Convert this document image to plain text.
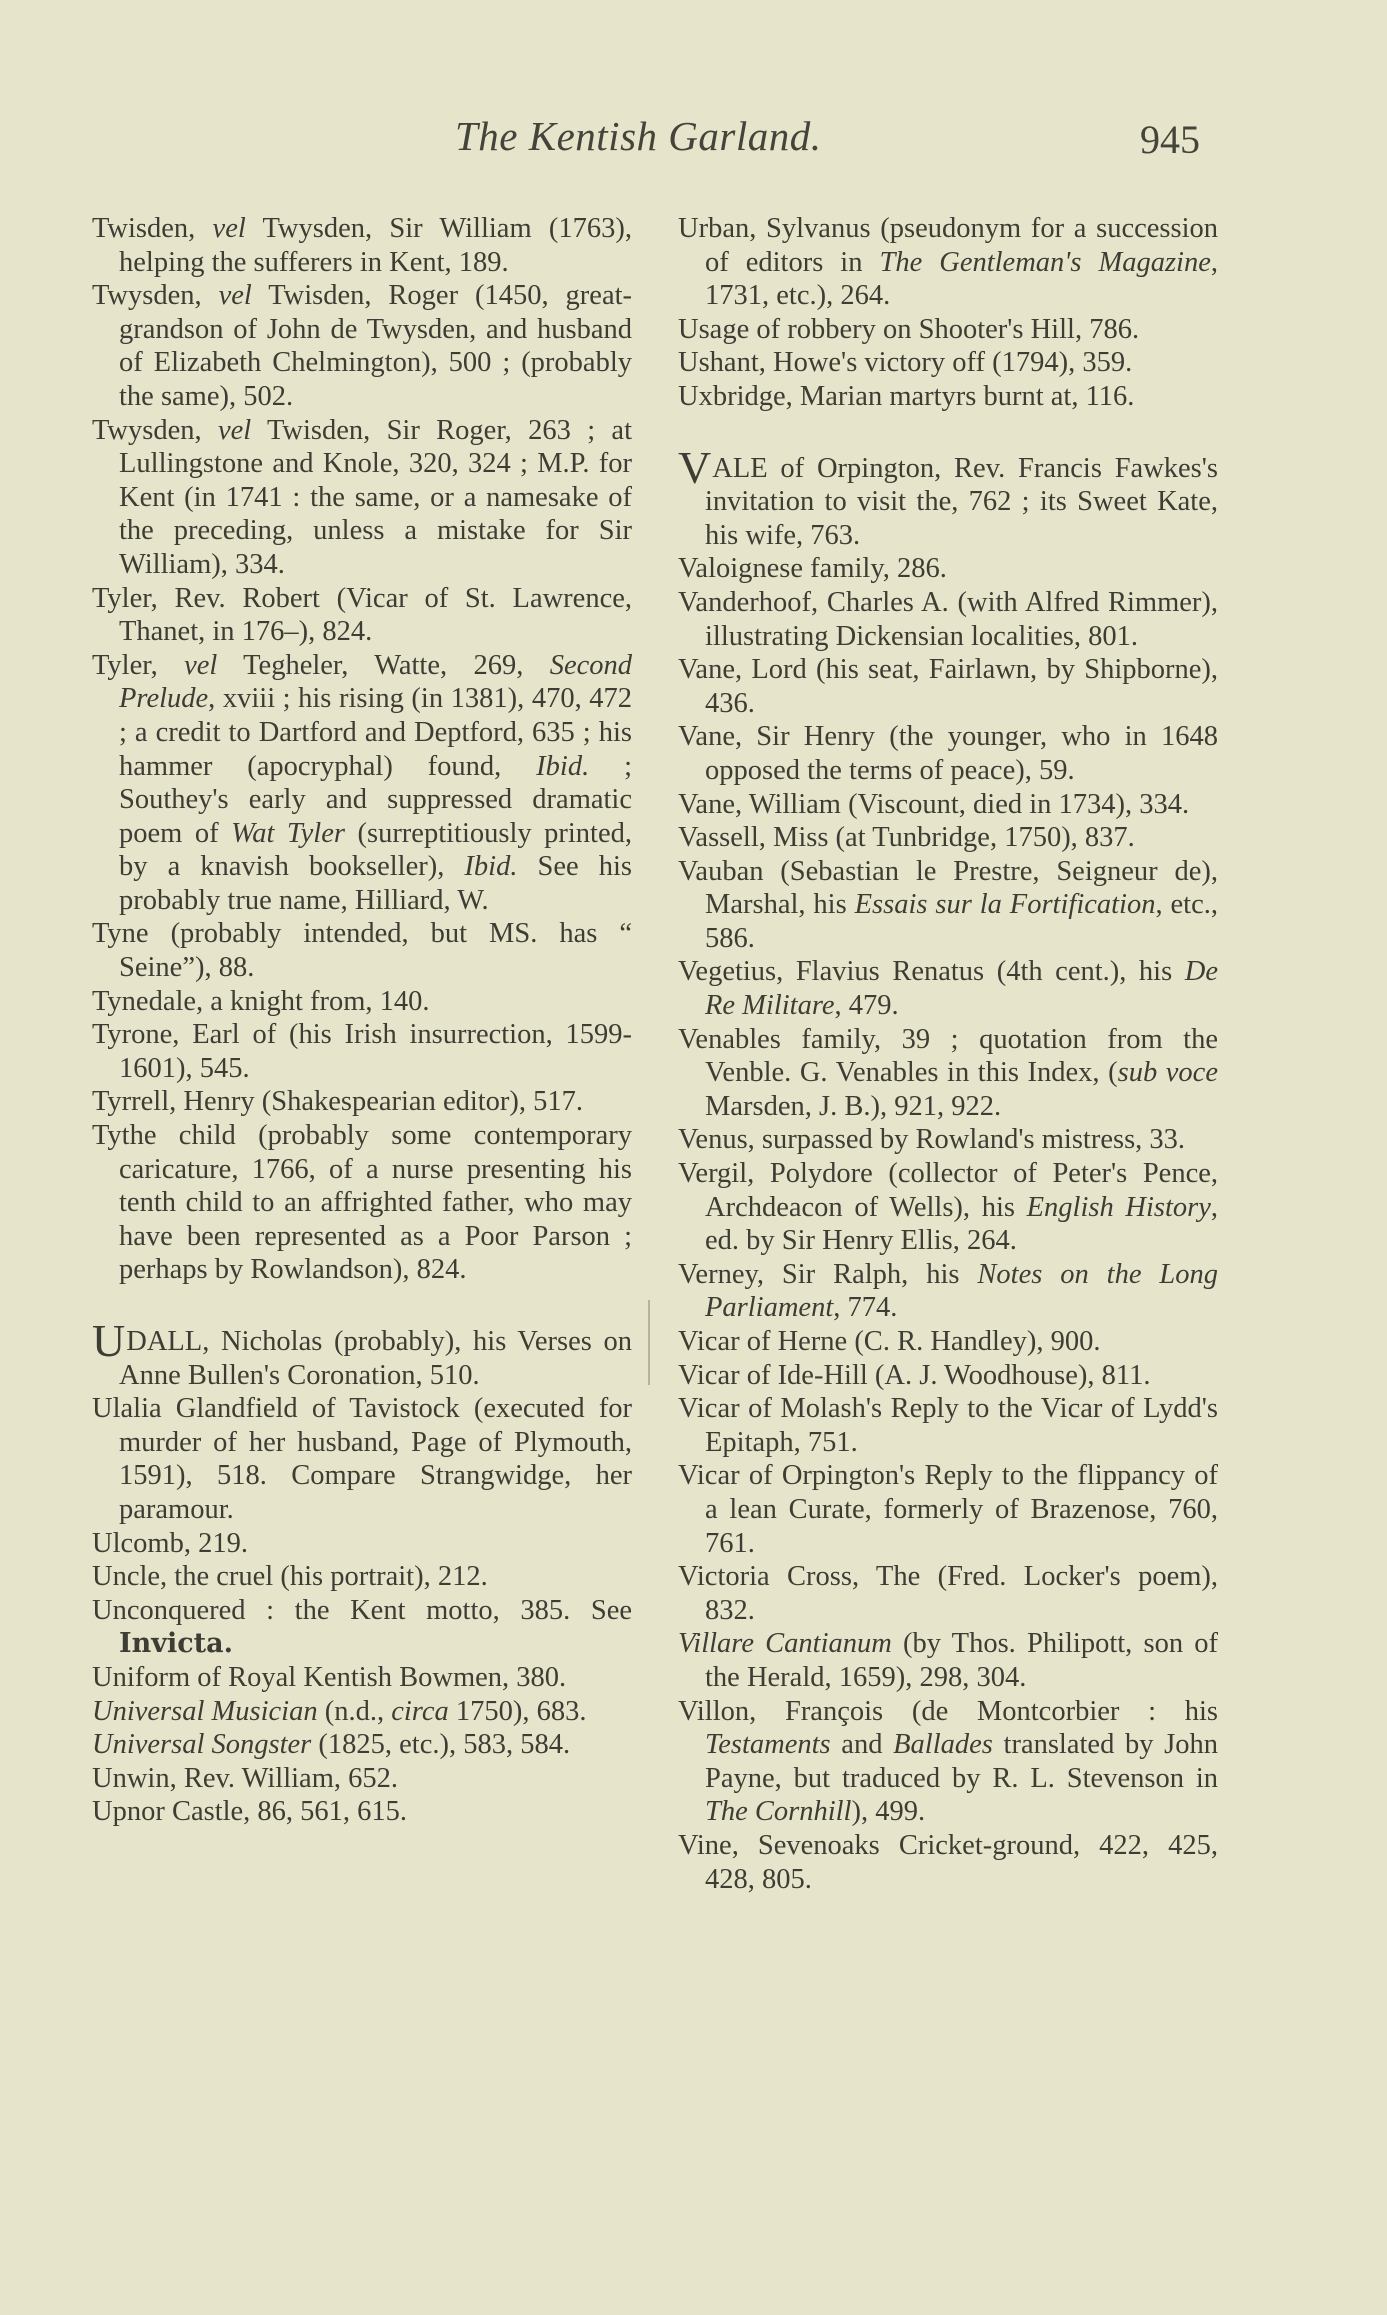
The Kentish Garland.	945

Twisden, vel Twysden, Sir William (1763), helping the sufferers in Kent, 189.

Twysden, vel Twisden, Roger (1450, great-grandson of John de Twysden, and husband of Elizabeth Chelmington), 500 ; (probably the same), 502.

Twysden, vel Twisden, Sir Roger, 263 ; at Lullingstone and Knole, 320, 324 ; M.P. for Kent (in 1741 : the same, or a namesake of the preceding, unless a mistake for Sir William), 334.

Tyler, Rev. Robert (Vicar of St. Lawrence, Thanet, in 176–), 824.

Tyler, vel Tegheler, Watte, 269, Second Prelude, xviii ; his rising (in 1381), 470, 472 ; a credit to Dartford and Deptford, 635 ; his hammer (apocryphal) found, Ibid. ; Southey's early and suppressed dramatic poem of Wat Tyler (surreptitiously printed, by a knavish bookseller), Ibid. See his probably true name, Hilliard, W.

Tyne (probably intended, but MS. has “ Seine”), 88.

Tynedale, a knight from, 140.

Tyrone, Earl of (his Irish insurrection, 1599-1601), 545.

Tyrrell, Henry (Shakespearian editor), 517.

Tythe child (probably some contemporary caricature, 1766, of a nurse presenting his tenth child to an affrighted father, who may have been represented as a Poor Parson ; perhaps by Rowlandson), 824.

UDALL, Nicholas (probably), his Verses on Anne Bullen's Coronation, 510.

Ulalia Glandfield of Tavistock (executed for murder of her husband, Page of Plymouth, 1591), 518. Compare Strangwidge, her paramour.

Ulcomb, 219.

Uncle, the cruel (his portrait), 212.

Unconquered : the Kent motto, 385. See Invicta.

Uniform of Royal Kentish Bowmen, 380.

Universal Musician (n.d., circa 1750), 683.

Universal Songster (1825, etc.), 583, 584.

Unwin, Rev. William, 652.

Upnor Castle, 86, 561, 615.

Urban, Sylvanus (pseudonym for a succession of editors in The Gentleman's Magazine, 1731, etc.), 264.

Usage of robbery on Shooter's Hill, 786.

Ushant, Howe's victory off (1794), 359.

Uxbridge, Marian martyrs burnt at, 116.

VALE of Orpington, Rev. Francis Fawkes's invitation to visit the, 762 ; its Sweet Kate, his wife, 763.

Valoignese family, 286.

Vanderhoof, Charles A. (with Alfred Rimmer), illustrating Dickensian localities, 801.

Vane, Lord (his seat, Fairlawn, by Shipborne), 436.

Vane, Sir Henry (the younger, who in 1648 opposed the terms of peace), 59.

Vane, William (Viscount, died in 1734), 334.

Vassell, Miss (at Tunbridge, 1750), 837.

Vauban (Sebastian le Prestre, Seigneur de), Marshal, his Essais sur la Fortification, etc., 586.

Vegetius, Flavius Renatus (4th cent.), his De Re Militare, 479.

Venables family, 39 ; quotation from the Venble. G. Venables in this Index, (sub voce Marsden, J. B.), 921, 922.

Venus, surpassed by Rowland's mistress, 33.

Vergil, Polydore (collector of Peter's Pence, Archdeacon of Wells), his English History, ed. by Sir Henry Ellis, 264.

Verney, Sir Ralph, his Notes on the Long Parliament, 774.

Vicar of Herne (C. R. Handley), 900.

Vicar of Ide-Hill (A. J. Woodhouse), 811.

Vicar of Molash's Reply to the Vicar of Lydd's Epitaph, 751.

Vicar of Orpington's Reply to the flippancy of a lean Curate, formerly of Brazenose, 760, 761.

Victoria Cross, The (Fred. Locker's poem), 832.

Villare Cantianum (by Thos. Philipott, son of the Herald, 1659), 298, 304.

Villon, François (de Montcorbier : his Testaments and Ballades translated by John Payne, but traduced by R. L. Stevenson in The Cornhill), 499.

Vine, Sevenoaks Cricket-ground, 422, 425, 428, 805.
